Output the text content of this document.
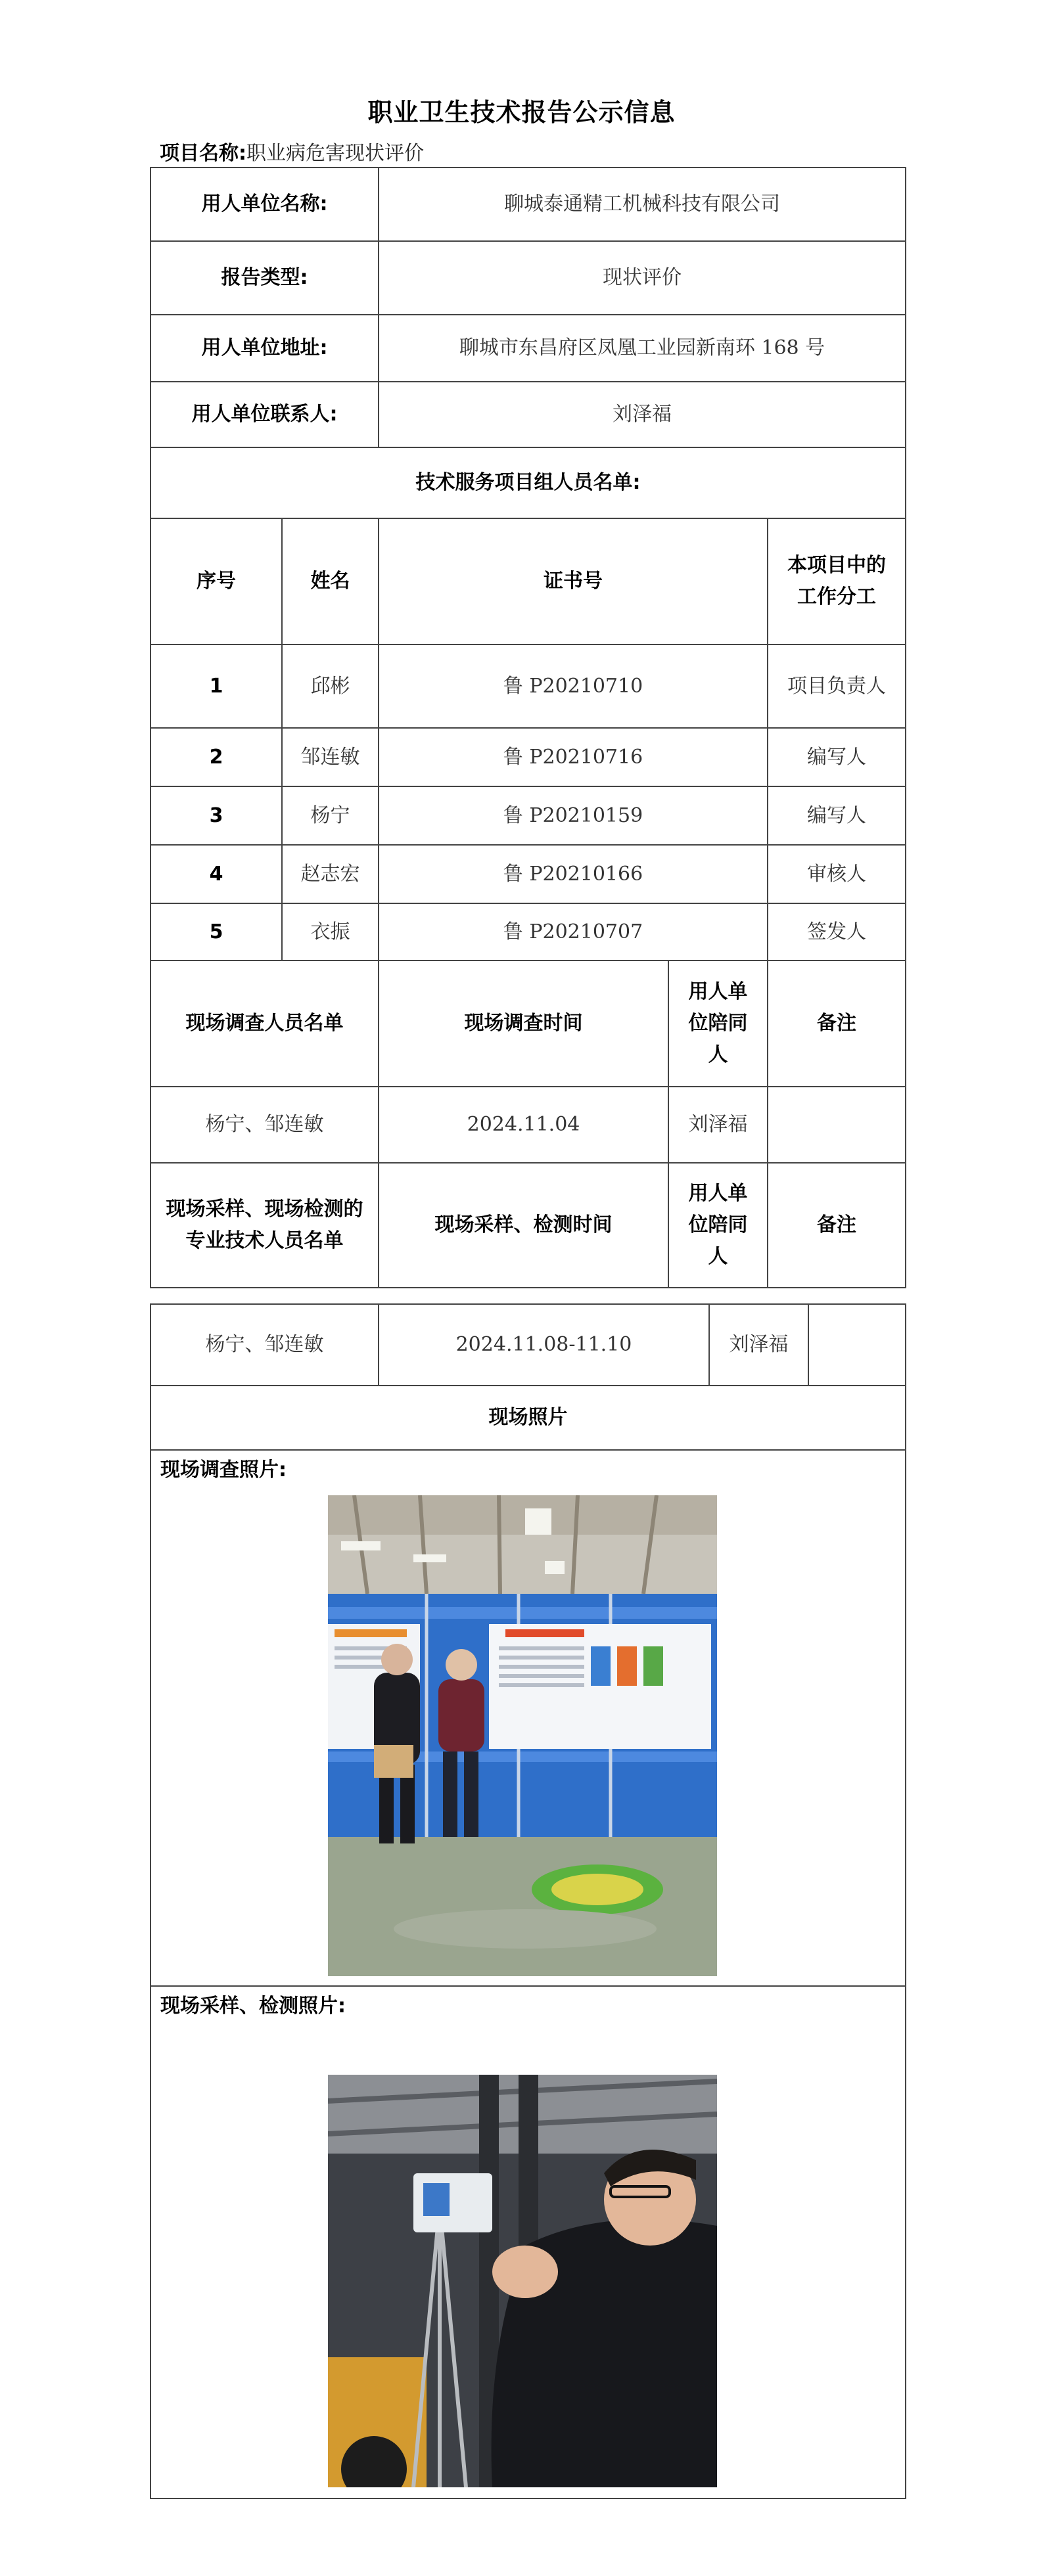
职业卫生技术报告公示信息
项目名称:职业病危害现状评价
用人单位名称:		聊城泰通精工机械科技有限公司		
报告类型:		现状评价		
用人单位地址:		聊城市东昌府区凤凰工业园新南环 168 号		
用人单位联系人:		刘泽福		
技术服务项目组人员名单:				
序号	姓名	证书号		本项目中的工作分工
1	邱彬	鲁 P20210710		项目负责人
2	邹连敏	鲁 P20210716		编写人
3	杨宁	鲁 P20210159		编写人
4	赵志宏	鲁 P20210166		审核人
5	衣振	鲁 P20210707		签发人
现场调查人员名单		现场调查时间	用人单位陪同人	备注
杨宁、邹连敏		2024.11.04	刘泽福	
现场采样、现场检测的专业技术人员名单		现场采样、检测时间	用人单位陪同人	备注
杨宁、邹连敏	2024.11.08-11.10	刘泽福	
现场照片

现场调查照片:

现场采样、检测照片:
